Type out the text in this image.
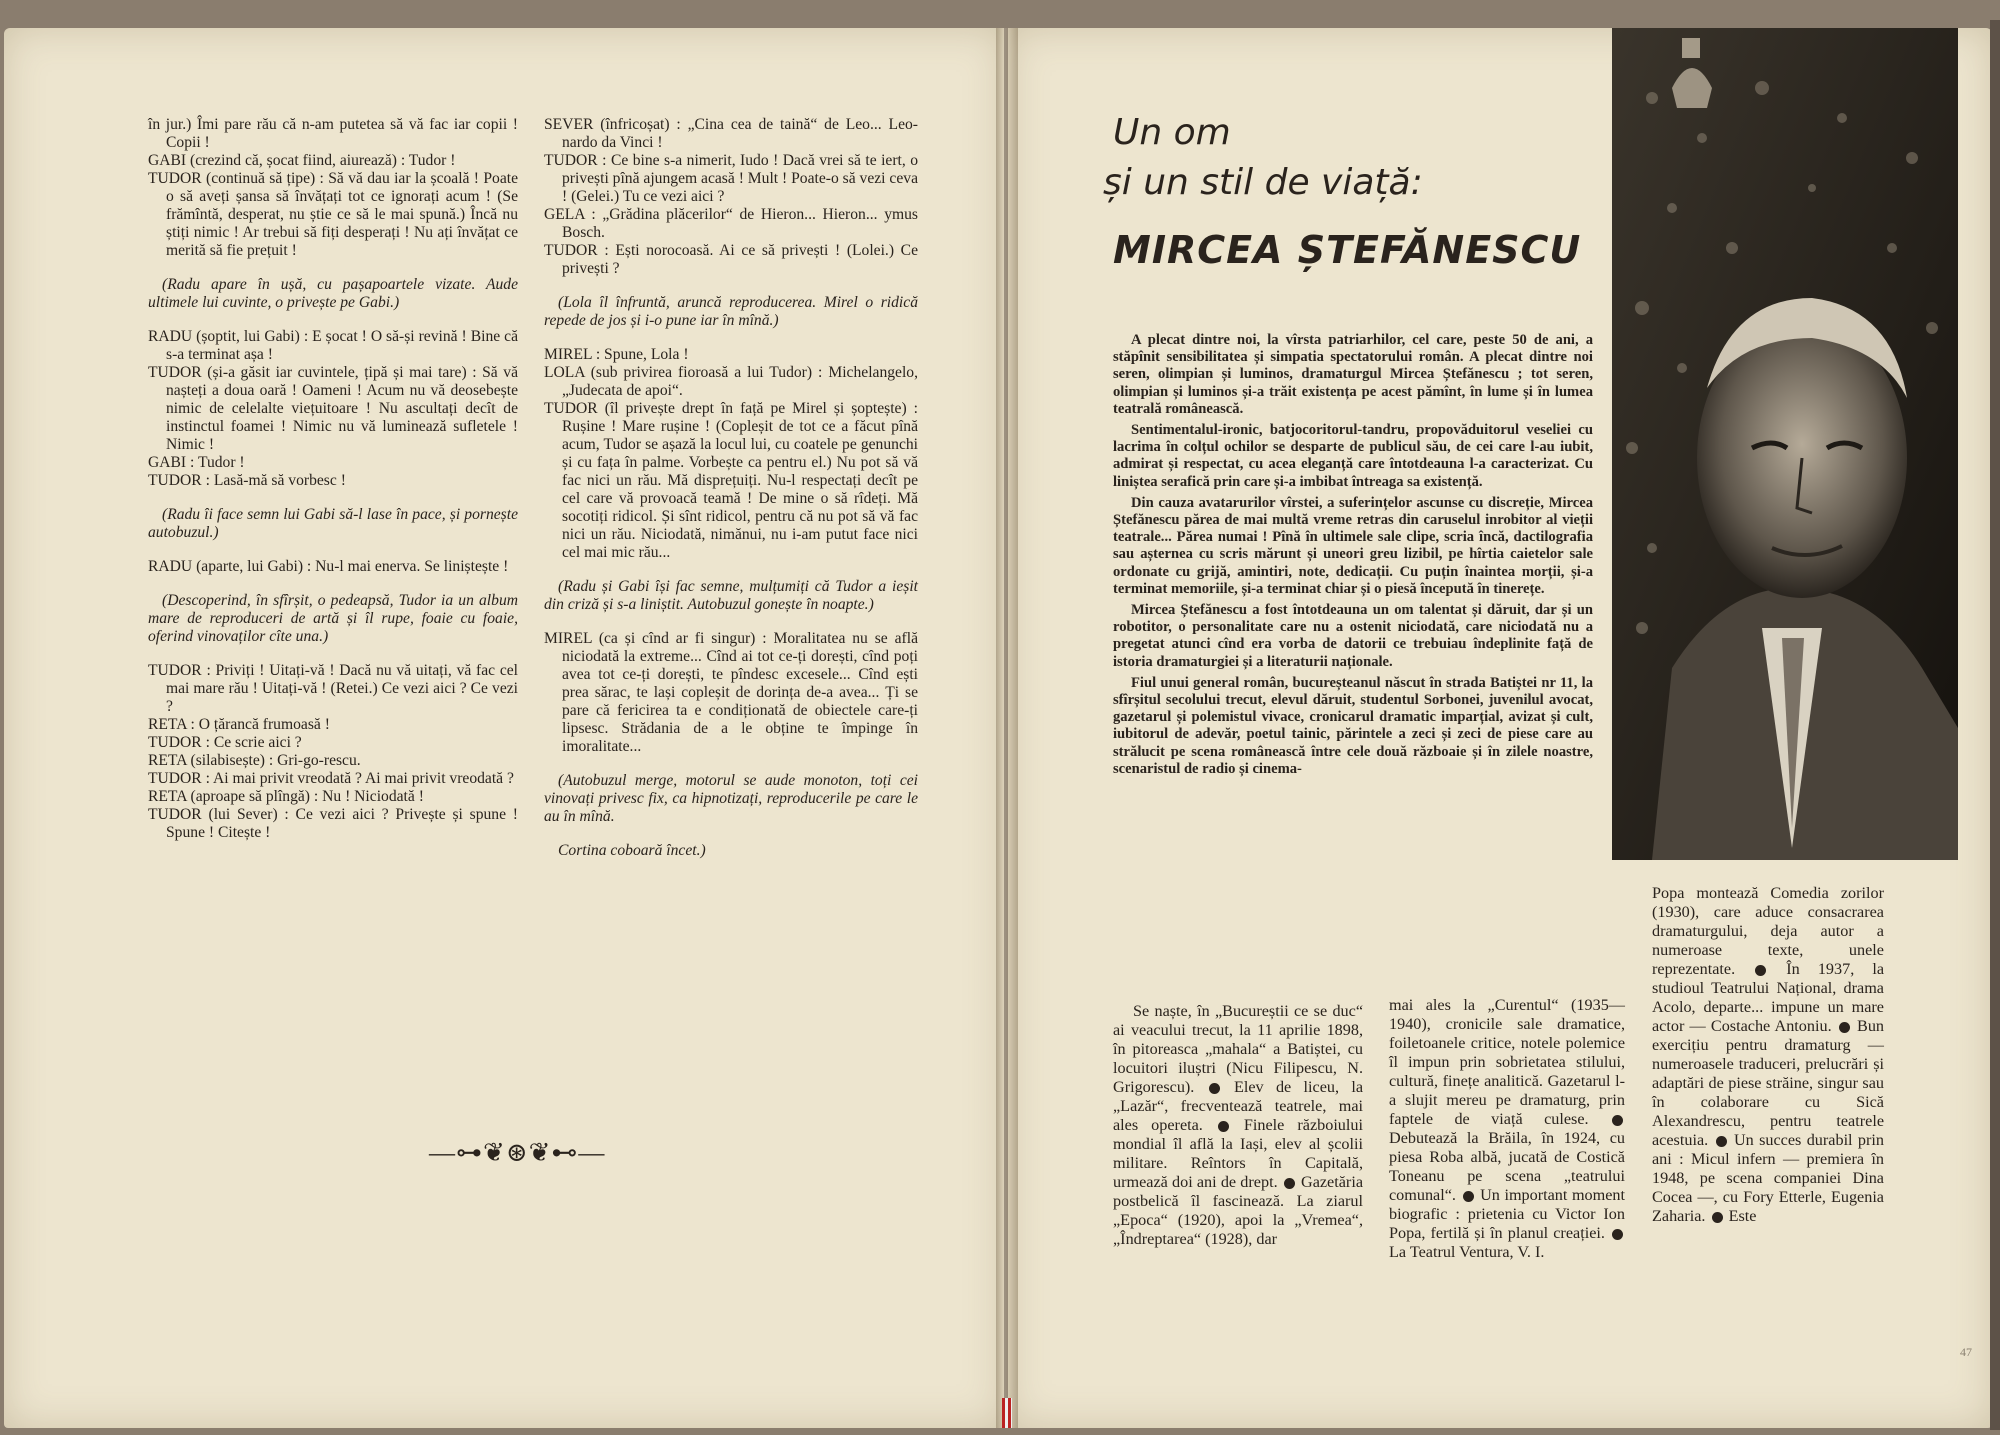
în jur.) Îmi pare rău că n-am putetea să vă fac iar copii ! Copii !

GABI (crezind că, șocat fiind, aiurează) : Tudor !

TUDOR (continuă să țipe) : Să vă dau iar la școală ! Poate o să aveți șansa să învățați tot ce ignorați acum ! (Se frămîntă, desperat, nu știe ce să le mai spună.) Încă nu știți nimic ! Ar trebui să fiți desperați ! Nu ați învățat ce merită să fie prețuit !

(Radu apare în ușă, cu pașapoartele vizate. Aude ultimele lui cuvinte, o privește pe Gabi.)

RADU (șoptit, lui Gabi) : E șocat ! O să-și revină ! Bine că s-a terminat așa !

TUDOR (și-a găsit iar cuvintele, țipă și mai tare) : Să vă nașteți a doua oară ! Oameni ! Acum nu vă deosebește nimic de celelalte viețuitoare ! Nu ascultați decît de instinctul foamei ! Nimic nu vă luminează sufletele ! Nimic !

GABI : Tudor !

TUDOR : Lasă-mă să vorbesc !

(Radu îi face semn lui Gabi să-l lase în pace, și pornește autobuzul.)

RADU (aparte, lui Gabi) : Nu-l mai enerva. Se liniștește !

(Descoperind, în sfîrșit, o pedeapsă, Tudor ia un album mare de reproduceri de artă și îl rupe, foaie cu foaie, oferind vinovaților cîte una.)

TUDOR : Priviți ! Uitați-vă ! Dacă nu vă uitați, vă fac cel mai mare rău ! Uitați-vă ! (Retei.) Ce vezi aici ? Ce vezi ?

RETA : O țărancă frumoasă !

TUDOR : Ce scrie aici ?

RETA (silabisește) : Gri-go-rescu.

TUDOR : Ai mai privit vreodată ? Ai mai privit vreodată ?

RETA (aproape să plîngă) : Nu ! Niciodată !

TUDOR (lui Sever) : Ce vezi aici ? Privește și spune ! Spune ! Citește !

SEVER (înfricoșat) : „Cina cea de taină“ de Leo... Leo-nardo da Vinci !

TUDOR : Ce bine s-a nimerit, Iudo ! Dacă vrei să te iert, o privești pînă ajungem acasă ! Mult ! Poate-o să vezi ceva ! (Gelei.) Tu ce vezi aici ?

GELA : „Grădina plăcerilor“ de Hieron... Hieron... ymus Bosch.

TUDOR : Ești norocoasă. Ai ce să privești ! (Lolei.) Ce privești ?

(Lola îl înfruntă, aruncă reproducerea. Mirel o ridică repede de jos și i-o pune iar în mînă.)

MIREL : Spune, Lola !

LOLA (sub privirea fioroasă a lui Tudor) : Michelangelo, „Judecata de apoi“.

TUDOR (îl privește drept în față pe Mirel și șoptește) : Rușine ! Mare rușine ! (Copleșit de tot ce a făcut pînă acum, Tudor se așază la locul lui, cu coatele pe genunchi și cu fața în palme. Vorbește ca pentru el.) Nu pot să vă fac nici un rău. Mă disprețuiți. Nu-l respectați decît pe cel care vă provoacă teamă ! De mine o să rîdeți. Mă socotiți ridicol. Și sînt ridicol, pentru că nu pot să vă fac nici un rău. Niciodată, nimănui, nu i-am putut face nici cel mai mic rău...

(Radu și Gabi își fac semne, mulțumiți că Tudor a ieșit din criză și s-a liniștit. Autobuzul gonește în noapte.)

MIREL (ca și cînd ar fi singur) : Moralitatea nu se află niciodată la extreme... Cînd ai tot ce-ți dorești, cînd poți avea tot ce-ți dorești, te pîndesc excesele... Cînd ești prea sărac, te lași copleșit de dorința de-a avea... Ți se pare că fericirea ta e condiționată de obiectele care-ți lipsesc. Strădania de a le obține te împinge în imoralitate...

(Autobuzul merge, motorul se aude monoton, toți cei vinovați privesc fix, ca hipnotizați, reproducerile pe care le au în mînă.

Cortina coboară încet.)

—⊶❦⊛❦⊷—
Un om
și un stil de viață:
MIRCEA ȘTEFĂNESCU

A plecat dintre noi, la vîrsta patriarhilor, cel care, peste 50 de ani, a stăpînit sensibilitatea și simpatia spectatorului român. A plecat dintre noi seren, olimpian și luminos, dramaturgul Mircea Ștefănescu ; tot seren, olimpian și luminos și-a trăit existența pe acest pămînt, în lume și în lumea teatrală românească.

Sentimentalul-ironic, batjocoritorul-tandru, propovăduitorul veseliei cu lacrima în colțul ochilor se desparte de publicul său, de cei care l-au iubit, admirat și respectat, cu acea eleganță care întotdeauna l-a caracterizat. Cu liniștea serafică prin care și-a imbibat întreaga sa existență.

Din cauza avatarurilor vîrstei, a suferințelor ascunse cu discreție, Mircea Ștefănescu părea de mai multă vreme retras din caruselul inrobitor al vieții teatrale... Părea numai ! Pînă în ultimele sale clipe, scria încă, dactilografia sau așternea cu scris mărunt și uneori greu lizibil, pe hîrtia caietelor sale ordonate cu grijă, amintiri, note, dedicații. Cu puțin înaintea morții, și-a terminat memoriile, și-a terminat chiar și o piesă începută în tinerețe.

Mircea Ștefănescu a fost întotdeauna un om talentat și dăruit, dar și un robotitor, o personalitate care nu a ostenit niciodată, care niciodată nu a pregetat atunci cînd era vorba de datorii ce trebuiau îndeplinite față de istoria dramaturgiei și a literaturii naționale.

Fiul unui general român, bucureșteanul născut în strada Batiștei nr 11, la sfîrșitul secolului trecut, elevul dăruit, studentul Sorbonei, juvenilul avocat, gazetarul și polemistul vivace, cronicarul dramatic imparțial, avizat și cult, iubitorul de adevăr, poetul tainic, părintele a zeci și zeci de piese care au strălucit pe scena românească între cele două războaie și în zilele noastre, scenaristul de radio și cinema-

Se naște, în „Bucureștii ce se duc“ ai veacului trecut, la 11 aprilie 1898, în pitoreasca „mahala“ a Batiștei, cu locuitori iluștri (Nicu Filipescu, N. Grigorescu). Elev de liceu, la „Lazăr“, frecventează teatrele, mai ales opereta.	Finele războiului mondial îl află la Iași, elev al școlii militare. Reîntors în Capitală, urmează doi ani de drept. Gazetăria postbelică îl fascinează. La ziarul „Epoca“ (1920), apoi la „Vremea“, „Îndreptarea“ (1928), dar
mai ales la „Curentul“ (1935—1940), cronicile sale dramatice, foiletoanele critice, notele polemice îl impun prin sobrietatea stilului, cultură, finețe analitică. Gazetarul l-a slujit mereu pe dramaturg, prin faptele de viață culese.  Debutează la Brăila, în 1924, cu piesa Roba albă, jucată de Costică Toneanu pe scena „teatrului comunal“. Un important moment biografic : prietenia cu Victor Ion Popa, fertilă și în planul creației.  La Teatrul Ventura, V. I.
Popa montează Comedia zorilor (1930), care aduce consacrarea dramaturgului, deja autor a numeroase texte, unele reprezentate.	În 1937, la studioul Teatrului Național, drama Acolo, departe... impune un mare actor — Costache Antoniu. Bun exercițiu pentru dramaturg — numeroasele traduceri, prelucrări și adaptări de piese străine, singur sau în colaborare cu Sică Alexandrescu, pentru teatrele acestuia. Un succes durabil prin ani : Micul infern — premiera în 1948, pe scena companiei Dina Cocea —, cu Fory Etterle, Eugenia Zaharia. Este
47
